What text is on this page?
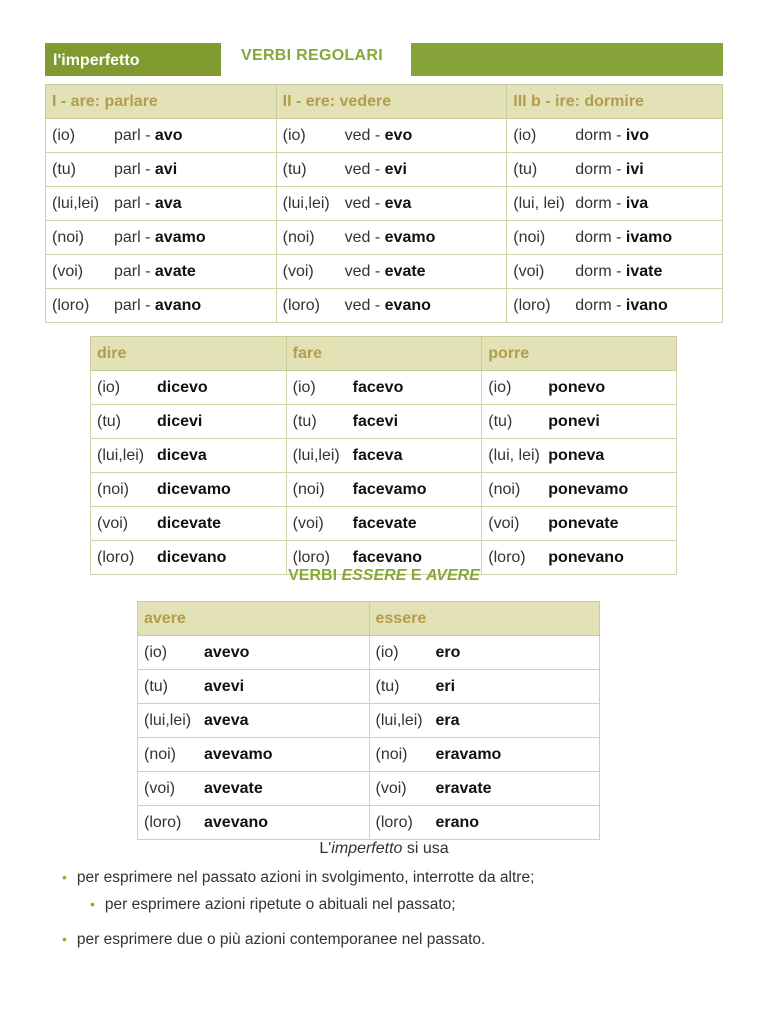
l'imperfetto	VERBI REGOLARI
I - are: parlare	II - ere: vedere	III b - ire: dormire
(io) parl - avo	(io) ved - evo	(io) dorm - ivo
(tu) parl - avi	(tu) ved - evi	(tu) dorm - ivi
(lui,lei) parl - ava	(lui,lei) ved - eva	(lui, lei) dorm - iva
(noi) parl - avamo	(noi) ved - evamo	(noi) dorm - ivamo
(voi) parl - avate	(voi) ved - evate	(voi) dorm - ivate
(loro) parl - avano	(loro) ved - evano	(loro) dorm - ivano
dire	fare	porre
(io) dicevo	(io) facevo	(io) ponevo
(tu) dicevi	(tu) facevi	(tu) ponevi
(lui,lei) diceva	(lui,lei) faceva	(lui, lei) poneva
(noi) dicevamo	(noi) facevamo	(noi) ponevamo
(voi) dicevate	(voi) facevate	(voi) ponevate
(loro) dicevano	(loro) facevano	(loro) ponevano
VERBI ESSERE E AVERE
avere	essere
(io) avevo	(io) ero
(tu) avevi	(tu) eri
(lui,lei) aveva	(lui,lei) era
(noi) avevamo	(noi) eravamo
(voi) avevate	(voi) eravate
(loro) avevano	(loro) erano
L'imperfetto si usa
• per esprimere nel passato azioni in svolgimento, interrotte da altre;
• per esprimere azioni ripetute o abituali nel passato;
• per esprimere due o più azioni contemporanee nel passato.
